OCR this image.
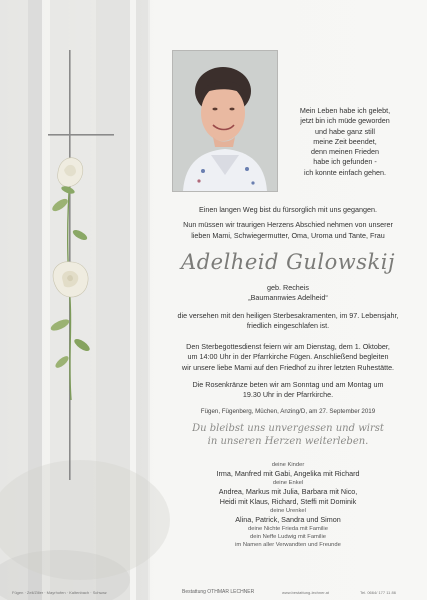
Mein Leben habe ich gelebt,
jetzt bin ich müde geworden
und habe ganz still
meine Zeit beendet,
denn meinen Frieden
habe ich gefunden -
ich konnte einfach gehen.
Einen langen Weg bist du fürsorglich mit uns gegangen.
Nun müssen wir traurigen Herzens Abschied nehmen von unserer
lieben Mami, Schwiegermutter, Oma, Uroma und Tante, Frau
Adelheid Gulowskij
geb. Recheis
„Baumannwies Adelheid“
die versehen mit den heiligen Sterbesakramenten, im 97. Lebensjahr,
friedlich eingeschlafen ist.
Den Sterbegottesdienst feiern wir am Dienstag, dem 1. Oktober,
um 14:00 Uhr in der Pfarrkirche Fügen. Anschließend begleiten
wir unsere liebe Mami auf den Friedhof zu ihrer letzten Ruhestätte.
Die Rosenkränze beten wir am Sonntag und am Montag um
19.30 Uhr in der Pfarrkirche.
Fügen, Fügenberg, Müchen, Anzing/D, am 27. September 2019
Du bleibst uns unvergessen und wirst
in unseren Herzen weiterleben.
deine Kinder
Irma, Manfred mit Gabi, Angelika mit Richard
deine Enkel
Andrea, Markus mit Julia, Barbara mit Nico,
Heidi mit Klaus, Richard, Steffi mit Dominik
deine Urenkel
Alina, Patrick, Sandra und Simon
deine Nichte Frieda mit Familie
dein Neffe Ludwig mit Familie
im Namen aller Verwandten und Freunde
Fügen · Zell/Ziller · Mayrhofen · Kaltenbach · Schwaz	Bestattung OTHMAR LECHNER	www.bestattung-lechner.at	Tel. 0664/ 177 11 86
